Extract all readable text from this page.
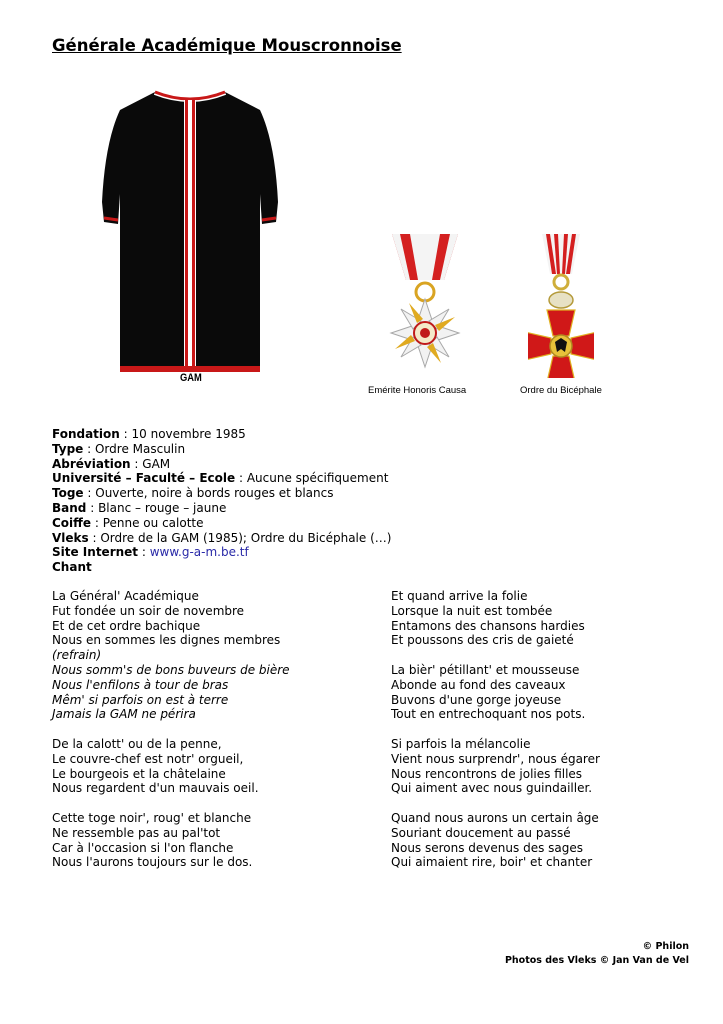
Générale Académique Mouscronnoise
GAM
Emérite Honoris Causa	Ordre du Bicéphale
Fondation : 10 novembre 1985
Type : Ordre Masculin
Abréviation : GAM
Université – Faculté – Ecole : Aucune spécifiquement
Toge : Ouverte, noire à bords rouges et blancs
Band : Blanc – rouge – jaune
Coiffe : Penne ou calotte
Vleks : Ordre de la GAM (1985); Ordre du Bicéphale (…)
Site Internet : www.g-a-m.be.tf
Chant
La Général' Académique
Fut fondée un soir de novembre
Et de cet ordre bachique
Nous en sommes les dignes membres
(refrain)
Nous somm's de bons buveurs de bière
Nous l'enfilons à tour de bras
Mêm' si parfois on est à terre
Jamais la GAM ne périra
De la calott' ou de la penne,
Le couvre-chef est notr' orgueil,
Le bourgeois et la châtelaine
Nous regardent d'un mauvais oeil.
Cette toge noir', roug' et blanche
Ne ressemble pas au pal'tot
Car à l'occasion si l'on flanche
Nous l'aurons toujours sur le dos.
Et quand arrive la folie
Lorsque la nuit est tombée
Entamons des chansons hardies
Et poussons des cris de gaieté
La bièr' pétillant' et mousseuse
Abonde au fond des caveaux
Buvons d'une gorge joyeuse
Tout en entrechoquant nos pots.
Si parfois la mélancolie
Vient nous surprendr', nous égarer
Nous rencontrons de jolies filles
Qui aiment avec nous guindailler.
Quand nous aurons un certain âge
Souriant doucement au passé
Nous serons devenus des sages
Qui aimaient rire, boir' et chanter
© Philon
Photos des Vleks © Jan Van de Vel
